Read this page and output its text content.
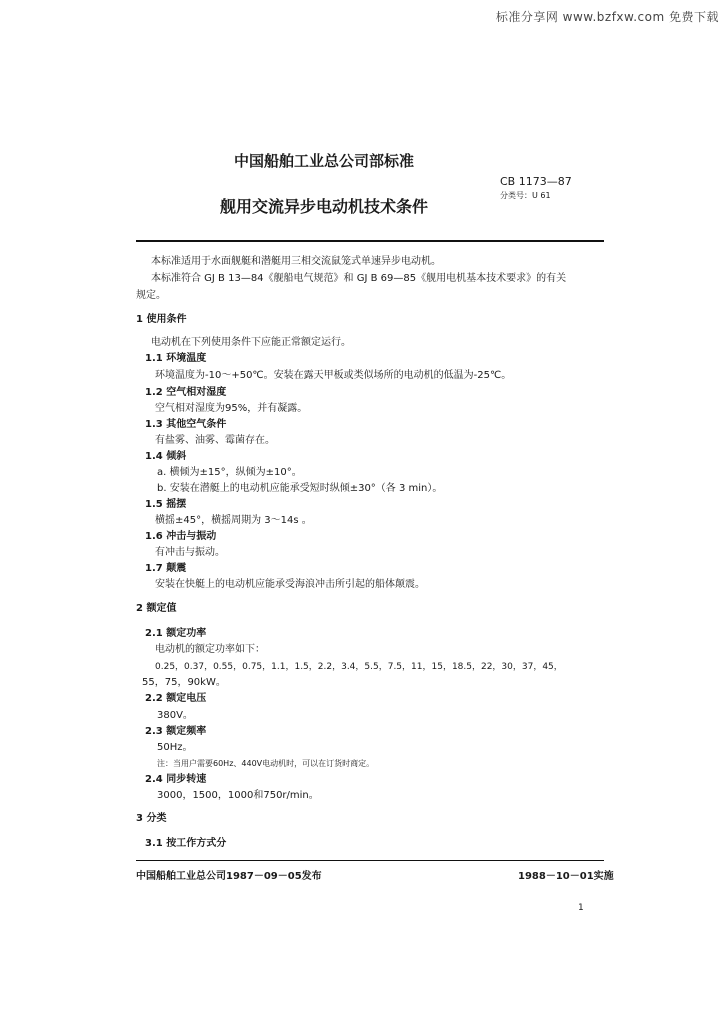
标准分享网 www.bzfxw.com 免费下载
中国船舶工业总公司部标准
CB 1173—87
分类号：U 61
舰用交流异步电动机技术条件
本标准适用于水面舰艇和潜艇用三相交流鼠笼式单速异步电动机。
本标准符合 GJ B 13—84《舰船电气规范》和 GJ B 69—85《舰用电机基本技术要求》的有关
规定。
1 使用条件
电动机在下列使用条件下应能正常额定运行。
1.1 环境温度
环境温度为-10～+50℃。安装在露天甲板或类似场所的电动机的低温为-25℃。
1.2 空气相对湿度
空气相对湿度为95%，并有凝露。
1.3 其他空气条件
有盐雾、油雾、霉菌存在。
1.4 倾斜
a. 横倾为±15°，纵倾为±10°。
b. 安装在潜艇上的电动机应能承受短时纵倾±30°（各 3 min）。
1.5 摇摆
横摇±45°，横摇周期为 3～14s 。
1.6 冲击与振动
有冲击与振动。
1.7 颠震
安装在快艇上的电动机应能承受海浪冲击所引起的船体颠震。
2 额定值
2.1 额定功率
电动机的额定功率如下：
0.25，0.37，0.55，0.75，1.1，1.5，2.2，3.4，5.5，7.5，11，15，18.5，22，30，37，45，
55，75，90kW。
2.2 额定电压
380V。
2.3 额定频率
50Hz。
注：当用户需要60Hz、440V电动机时，可以在订货时商定。
2.4 同步转速
3000，1500，1000和750r/min。
3 分类
3.1 按工作方式分
中国船舶工业总公司1987－09－05发布	1988－10－01实施
1
